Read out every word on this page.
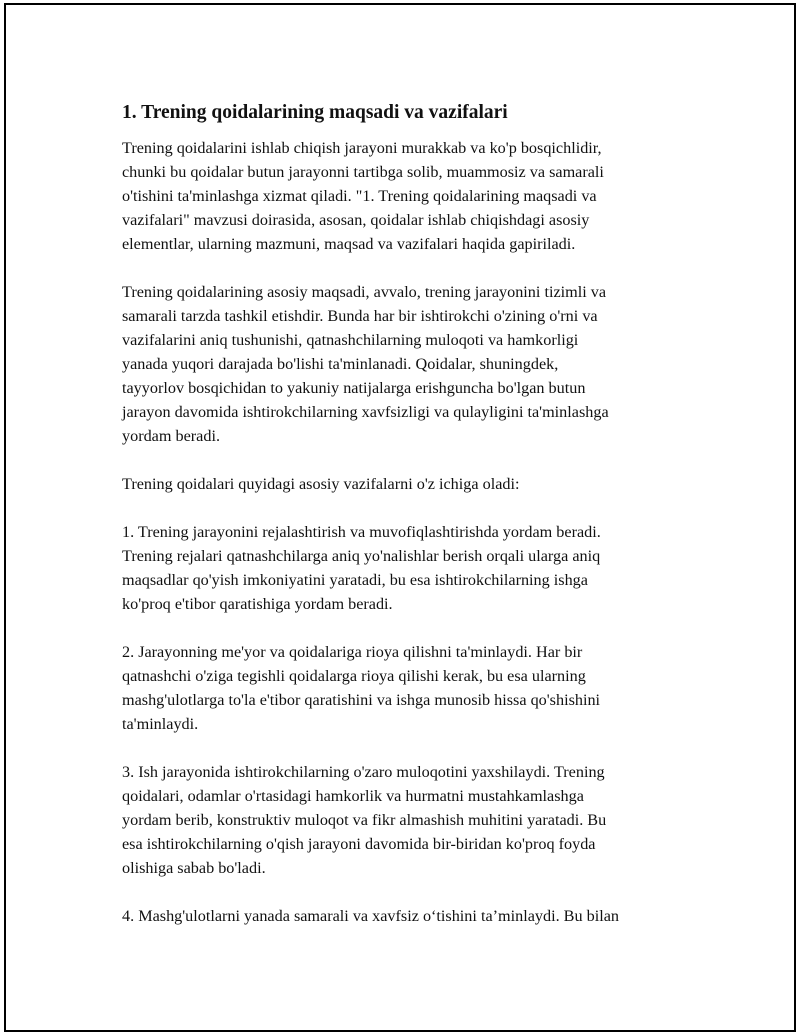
1. Trening qoidalarining maqsadi va vazifalari

Trening qoidalarini ishlab chiqish jarayoni murakkab va ko'p bosqichlidir,
chunki bu qoidalar butun jarayonni tartibga solib, muammosiz va samarali
o'tishini ta'minlashga xizmat qiladi. "1. Trening qoidalarining maqsadi va
vazifalari" mavzusi doirasida, asosan, qoidalar ishlab chiqishdagi asosiy
elementlar, ularning mazmuni, maqsad va vazifalari haqida gapiriladi.

Trening qoidalarining asosiy maqsadi, avvalo, trening jarayonini tizimli va
samarali tarzda tashkil etishdir. Bunda har bir ishtirokchi o'zining o'rni va
vazifalarini aniq tushunishi, qatnashchilarning muloqoti va hamkorligi
yanada yuqori darajada bo'lishi ta'minlanadi. Qoidalar, shuningdek,
tayyorlov bosqichidan to yakuniy natijalarga erishguncha bo'lgan butun
jarayon davomida ishtirokchilarning xavfsizligi va qulayligini ta'minlashga
yordam beradi.

Trening qoidalari quyidagi asosiy vazifalarni o'z ichiga oladi:

1. Trening jarayonini rejalashtirish va muvofiqlashtirishda yordam beradi.
Trening rejalari qatnashchilarga aniq yo'nalishlar berish orqali ularga aniq
maqsadlar qo'yish imkoniyatini yaratadi, bu esa ishtirokchilarning ishga
ko'proq e'tibor qaratishiga yordam beradi.

2. Jarayonning me'yor va qoidalariga rioya qilishni ta'minlaydi. Har bir
qatnashchi o'ziga tegishli qoidalarga rioya qilishi kerak, bu esa ularning
mashg'ulotlarga to'la e'tibor qaratishini va ishga munosib hissa qo'shishini
ta'minlaydi.

3. Ish jarayonida ishtirokchilarning o'zaro muloqotini yaxshilaydi. Trening
qoidalari, odamlar o'rtasidagi hamkorlik va hurmatni mustahkamlashga
yordam berib, konstruktiv muloqot va fikr almashish muhitini yaratadi. Bu
esa ishtirokchilarning o'qish jarayoni davomida bir-biridan ko'proq foyda
olishiga sabab bo'ladi.

4. Mashg'ulotlarni yanada samarali va xavfsiz o‘tishini ta’minlaydi. Bu bilan
